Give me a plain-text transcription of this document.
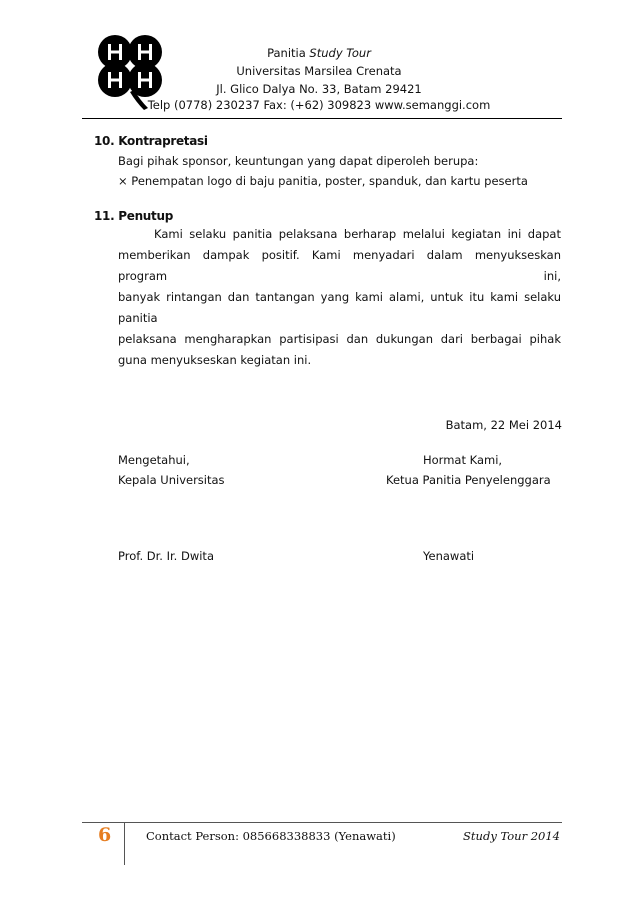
Panitia Study Tour
Universitas Marsilea Crenata
Jl. Glico Dalya No. 33, Batam 29421
Telp (0778) 230237 Fax: (+62) 309823 www.semanggi.com
10. Kontrapretasi
Bagi pihak sponsor, keuntungan yang dapat diperoleh berupa:
× Penempatan logo di baju panitia, poster, spanduk, dan kartu peserta
11. Penutup
Kami selaku panitia pelaksana berharap melalui kegiatan ini dapat
memberikan dampak positif. Kami menyadari dalam menyukseskan program ini,
banyak rintangan dan tantangan yang kami alami, untuk itu kami selaku panitia
pelaksana mengharapkan partisipasi dan dukungan dari berbagai pihak
guna menyukseskan kegiatan ini.
Batam, 22 Mei 2014
Mengetahui,
Kepala Universitas
Prof. Dr. Ir. Dwita
Hormat Kami,
Ketua Panitia Penyelenggara
Yenawati
6	Contact Person: 085668338833 (Yenawati)	Study Tour 2014
